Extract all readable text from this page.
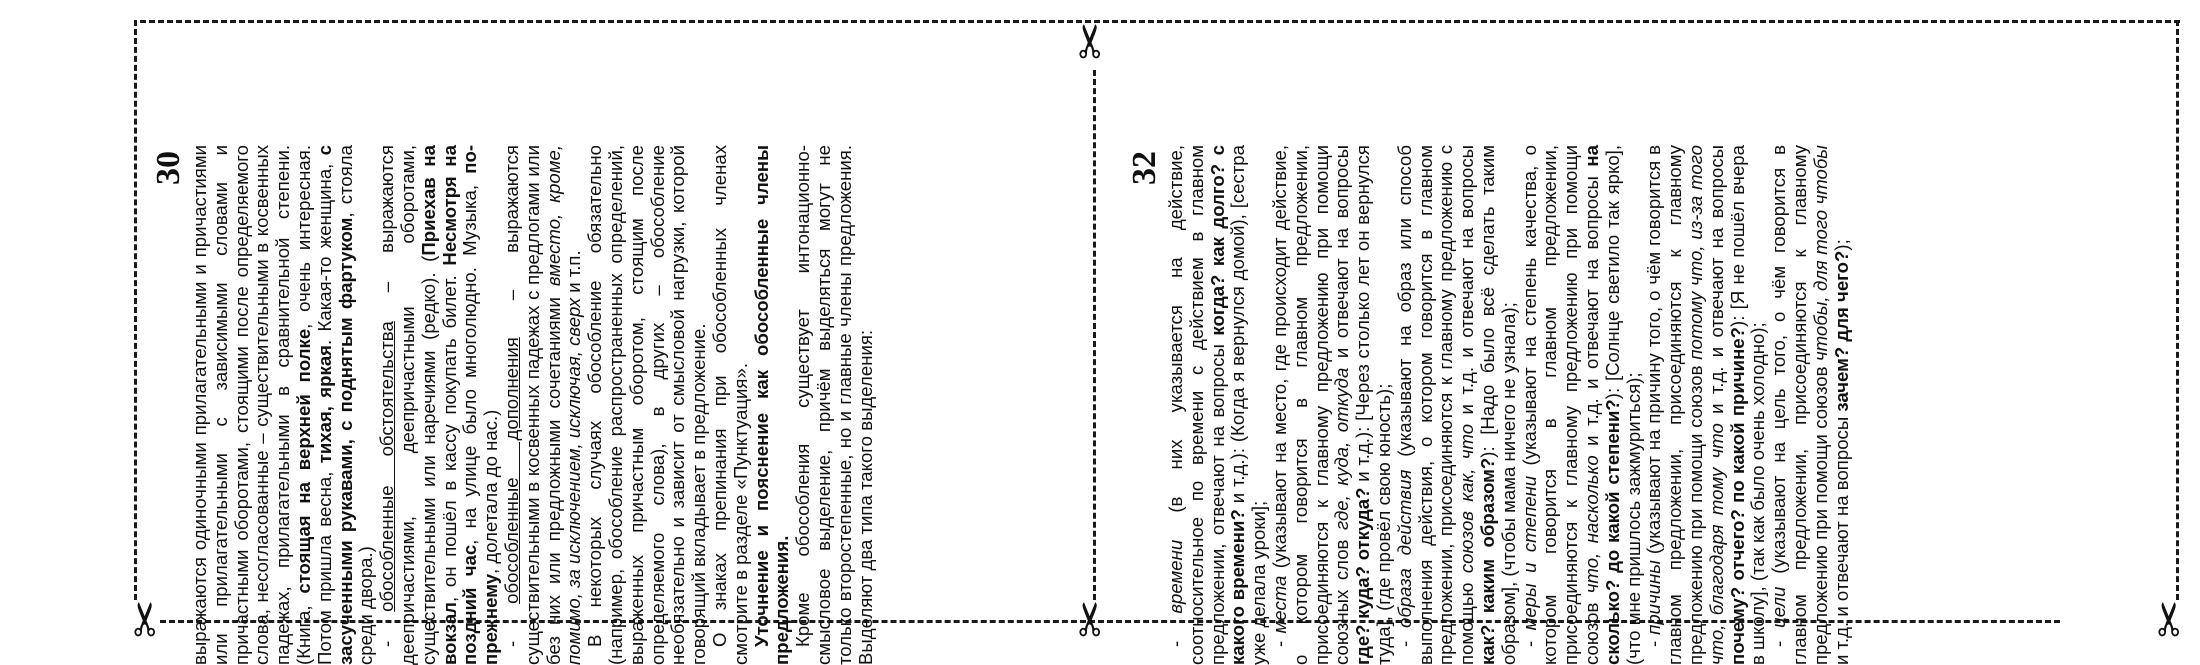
✂
✂
✂	✂
30 выражаются одиночными прилагательными и причастиями или прилагательными с зависимыми словами и причастными оборотами, стоящими после определяемого слова, несогласованные – существительными в косвенных падежах, прилагательными в сравнительной степени. (Книга, стоящая на верхней полке, очень интересная. Потом пришла весна, тихая, яркая. Какая-то женщина, с засученными рукавами, с поднятым фартуком, стояла среди двора.) - обособленные обстоятельства – выражаются деепричастиями, деепричастными оборотами, существительными или наречиями (редко). (Приехав на вокзал, он пошёл в кассу покупать билет. Несмотря на поздний час, на улице было многолюдно. Музыка, по-прежнему, долетала до нас.)

- обособленные дополнения – выражаются существительными в косвенных падежах с предлогами или без них или предложными сочетаниями вместо, кроме, помимо, за исключением, исключая, сверх и т.п. В некоторых случаях обособление обязательно (например, обособление распространенных определений, выраженных причастным оборотом, стоящим после определяемого слова), в других – обособление необязательно и зависит от смысловой нагрузки, которой говорящий вкладывает в предложение. О знаках препинания при обособленных членах смотрите в разделе «Пунктуация». Уточнение и пояснение как обособленные члены предложения. Кроме обособления существует интонационно-смысловое выделение, причём выделяться могут не только второстепенные, но и главные члены предложения. Выделяют два типа такого выделения:

32

- времени (в них указывается на действие, соотносительное по времени с действием в главном предложении, отвечают на вопросы когда? как долго? с какого времени? и т.д.): (Когда я вернулся домой), [сестра уже делала уроки]; - места (указывают на место, где происходит действие, о котором говорится в главном предложении, присоединяются к главному предложению при помощи союзных слов где, куда, откуда и отвечают на вопросы где? куда? откуда? и т.д.): [Через столько лет он вернулся туда], (где провёл свою юность); - образа действия (указывают на образ или способ выполнения действия, о котором говорится в главном предложении, присоединяются к главному предложению с помощью союзов как, что и т.д. и отвечают на вопросы как? каким образом?): [Надо было всё сделать таким образом], (чтобы мама ничего не узнала); - меры и степени (указывают на степень качества, о котором говорится в главном предложении, присоединяются к главному предложению при помощи союзов что, насколько и т.д. и отвечают на вопросы на сколько? до какой степени?): [Солнце светило так ярко], (что мне пришлось зажмуриться); - причины (указывают на причину того, о чём говорится в главном предложении, присоединяются к главному предложению при помощи союзов потому что, из-за того что, благодаря тому что и т.д. и отвечают на вопросы почему? отчего? по какой причине?): [Я не пошёл вчера в школу], (так как было очень холодно); - цели (указывают на цель того, о чём говорится в главном предложении, присоединяются к главному предложению при помощи союзов чтобы, для того чтобы и т.д. и отвечают на вопросы зачем? для чего?);
